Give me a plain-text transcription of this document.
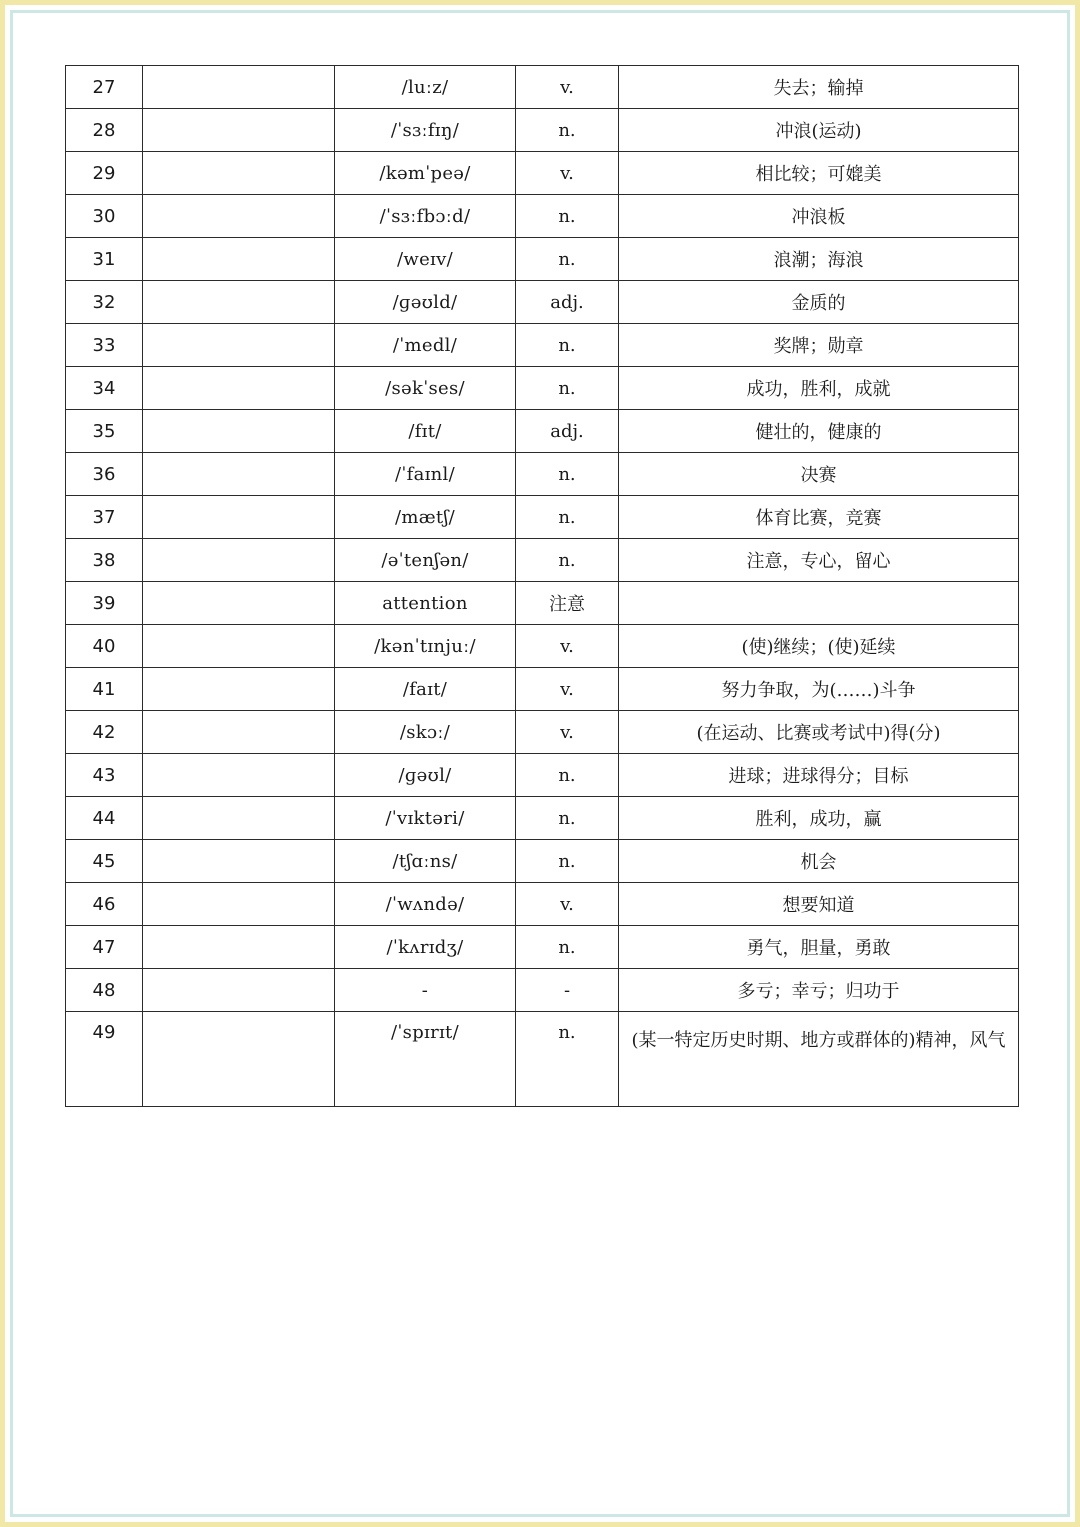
27		/luːz/	v.	失去；输掉
28		/ˈsɜːfɪŋ/	n.	冲浪(运动)
29		/kəmˈpeə/	v.	相比较；可媲美
30		/ˈsɜːfbɔːd/	n.	冲浪板
31		/weɪv/	n.	浪潮；海浪
32		/ɡəʊld/	adj.	金质的
33		/ˈmedl/	n.	奖牌；勋章
34		/səkˈses/	n.	成功，胜利，成就
35		/fɪt/	adj.	健壮的，健康的
36		/ˈfaɪnl/	n.	决赛
37		/mætʃ/	n.	体育比赛，竞赛
38		/əˈtenʃən/	n.	注意，专心，留心
39		attention	注意	
40		/kənˈtɪnjuː/	v.	(使)继续；(使)延续
41		/faɪt/	v.	努力争取，为(……)斗争
42		/skɔː/	v.	(在运动、比赛或考试中)得(分)
43		/ɡəʊl/	n.	进球；进球得分；目标
44		/ˈvɪktəri/	n.	胜利，成功，赢
45		/tʃɑːns/	n.	机会
46		/ˈwʌndə/	v.	想要知道
47		/ˈkʌrɪdʒ/	n.	勇气，胆量，勇敢
48		-	-	多亏；幸亏；归功于
49		/ˈspɪrɪt/	n.	(某一特定历史时期、地方或群体的)精神，风气
